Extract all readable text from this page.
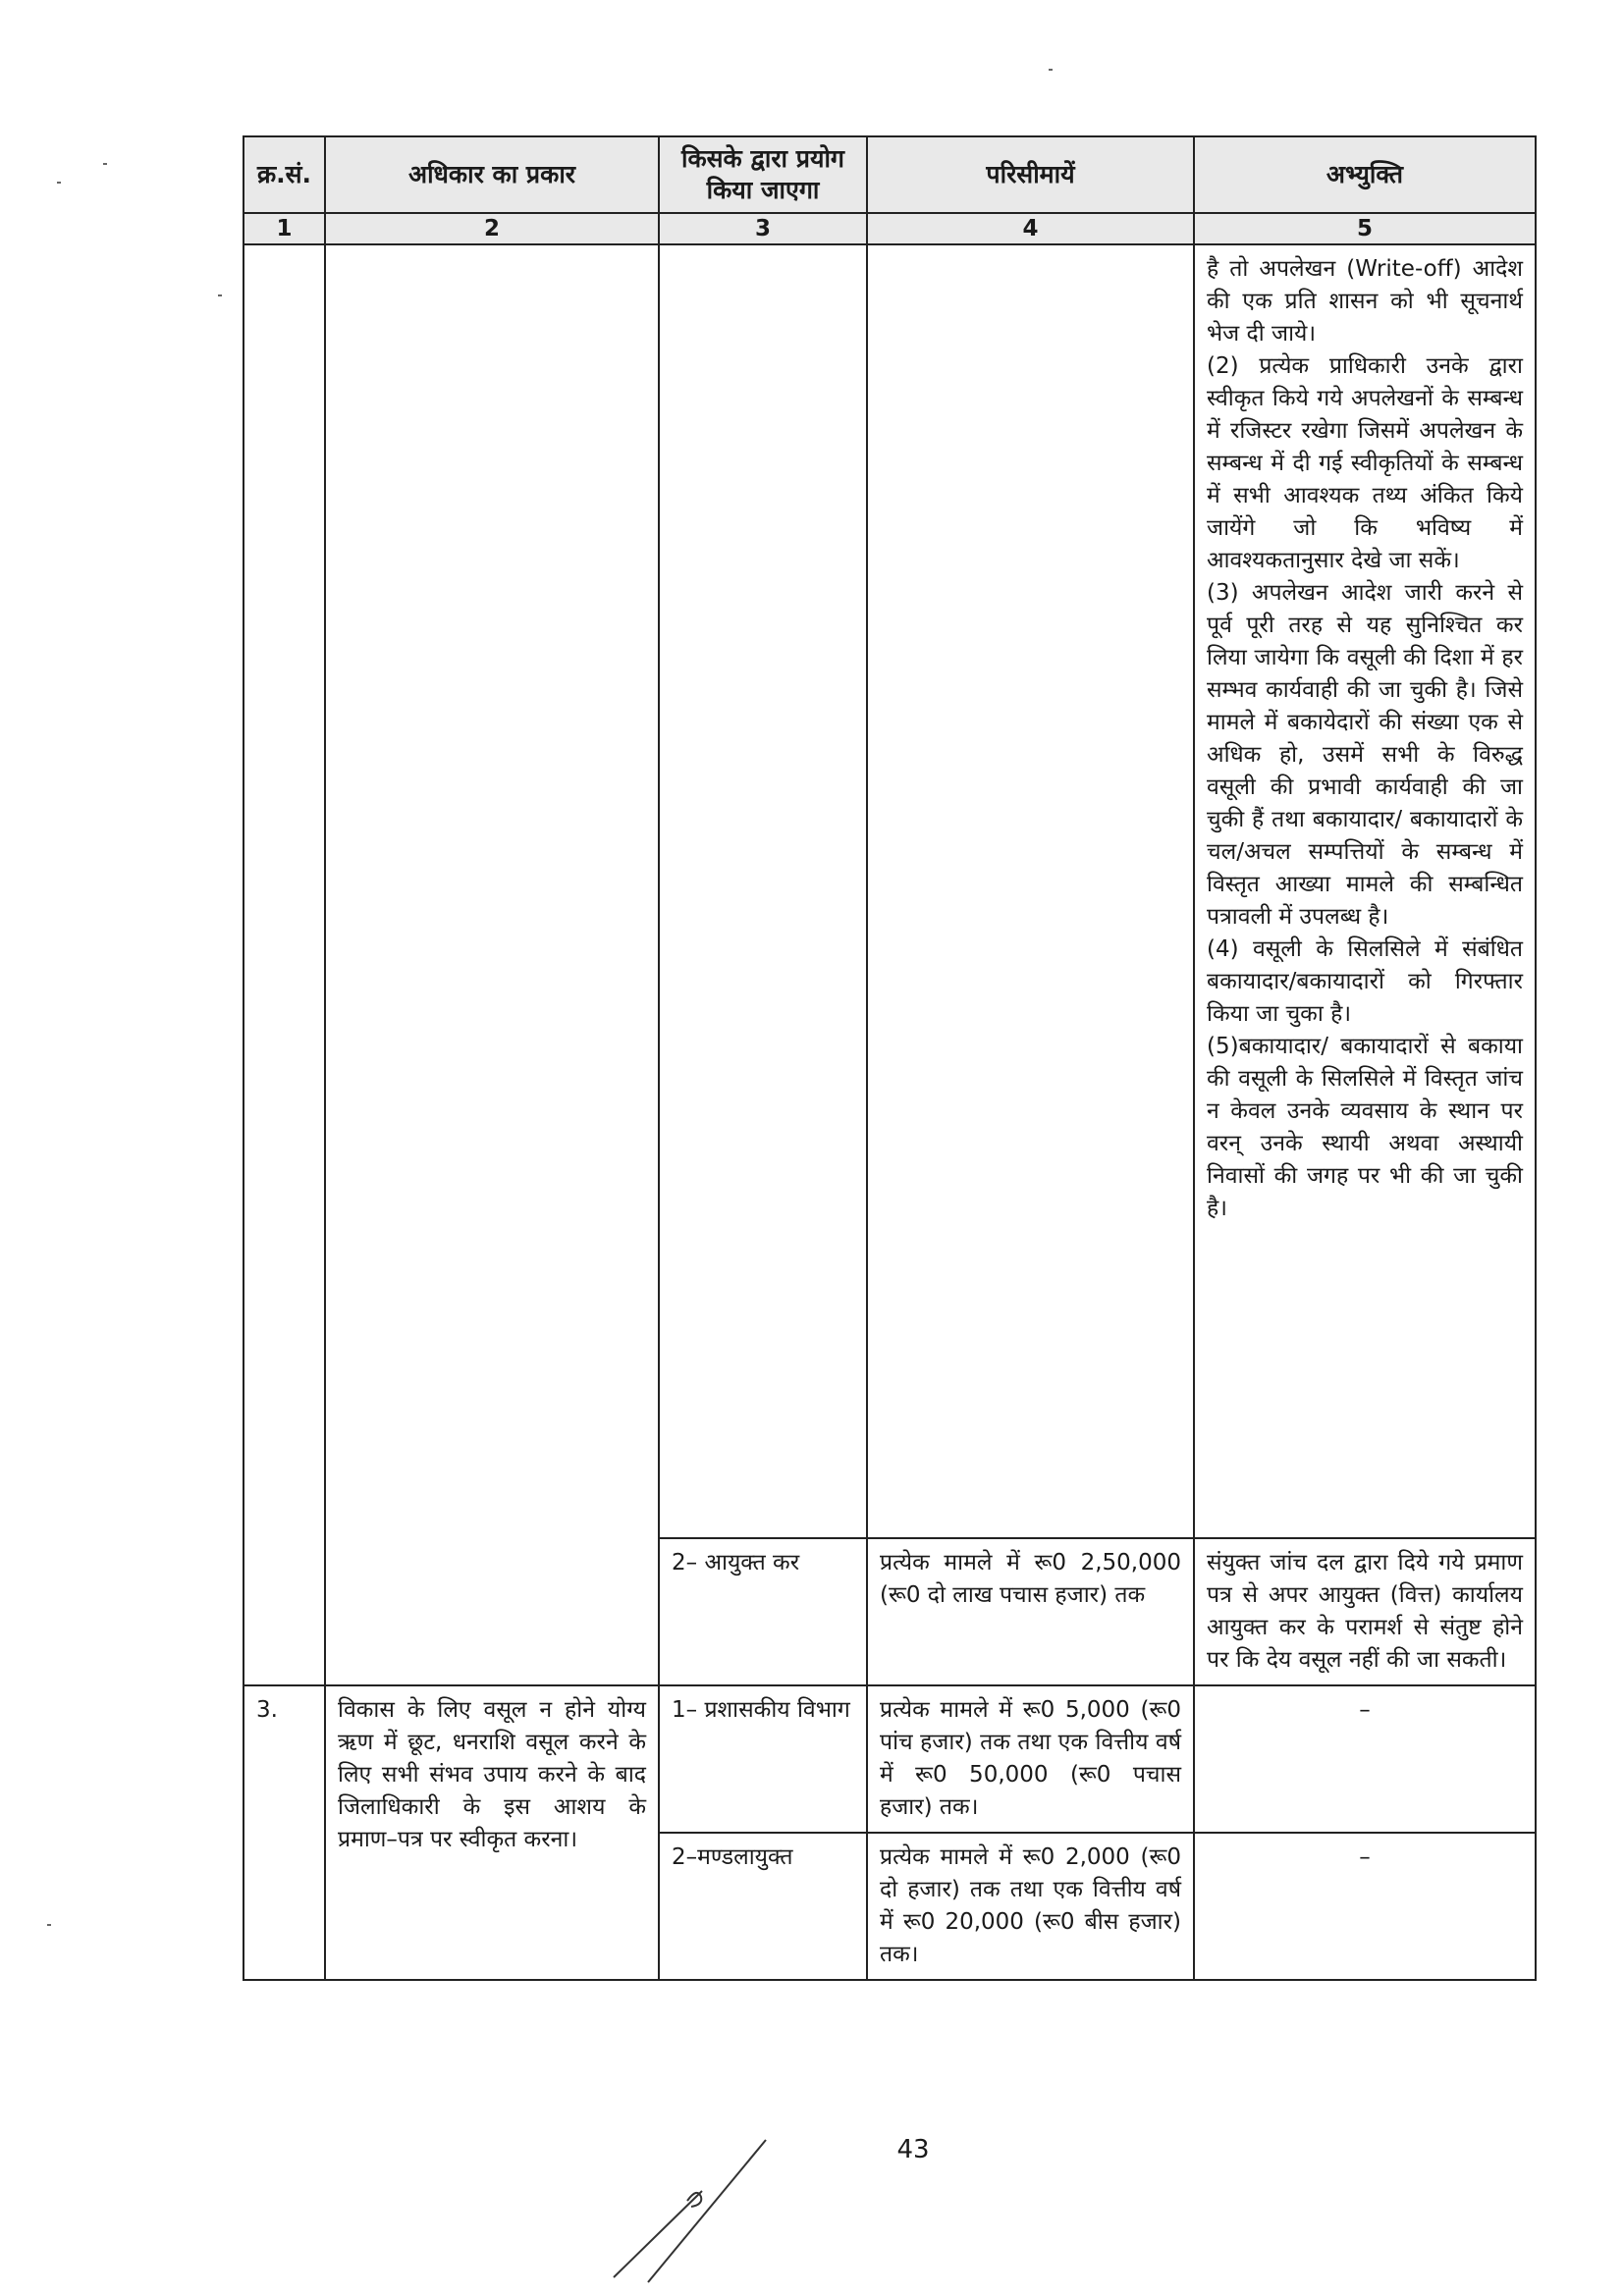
क्र.सं.	अधिकार का प्रकार	किसके द्वारा प्रयोग किया जाएगा	परिसीमायें	अभ्युक्ति
1	2	3	4	5

				है तो अपलेखन (Write-off) आदेश की एक प्रति शासन को भी सूचनार्थ भेज दी जाये।

(2) प्रत्येक प्राधिकारी उनके द्वारा स्वीकृत किये गये अपलेखनों के सम्बन्ध में रजिस्टर रखेगा जिसमें अपलेखन के सम्बन्ध में दी गई स्वीकृतियों के सम्बन्ध में सभी आवश्यक तथ्य अंकित किये जायेंगे जो कि भविष्य में आवश्यकतानुसार देखे जा सकें।

(3) अपलेखन आदेश जारी करने से पूर्व पूरी तरह से यह सुनिश्चित कर लिया जायेगा कि वसूली की दिशा में हर सम्भव कार्यवाही की जा चुकी है। जिसे मामले में बकायेदारों की संख्या एक से अधिक हो, उसमें सभी के विरुद्ध वसूली की प्रभावी कार्यवाही की जा चुकी हैं तथा बकायादार/ बकायादारों के चल/अचल सम्पत्तियों के सम्बन्ध में विस्तृत आख्या मामले की सम्बन्धित पत्रावली में उपलब्ध है।

(4) वसूली के सिलसिले में संबंधित बकायादार/बकायादारों को गिरफ्तार किया जा चुका है।

(5)बकायादार/ बकायादारों से बकाया की वसूली के सिलसिले में विस्तृत जांच न केवल उनके व्यवसाय के स्थान पर वरन् उनके स्थायी अथवा अस्थायी निवासों की जगह पर भी की जा चुकी है।

		2– आयुक्त कर	प्रत्येक मामले में रू0 2,50,000 (रू0 दो लाख पचास हजार) तक	संयुक्त जांच दल द्वारा दिये गये प्रमाण पत्र से अपर आयुक्त (वित्त) कार्यालय आयुक्त कर के परामर्श से संतुष्ट होने पर कि देय वसूल नहीं की जा सकती।
3.	विकास के लिए वसूल न होने योग्य ऋण में छूट, धनराशि वसूल करने के लिए सभी संभव उपाय करने के बाद जिलाधिकारी के इस आशय के प्रमाण–पत्र पर स्वीकृत करना।	1– प्रशासकीय विभाग	प्रत्येक मामले में रू0 5,000 (रू0 पांच हजार) तक तथा एक वित्तीय वर्ष में रू0 50,000 (रू0 पचास हजार) तक।	–
		2–मण्डलायुक्त	प्रत्येक मामले में रू0 2,000 (रू0 दो हजार) तक तथा एक वित्तीय वर्ष में रू0 20,000 (रू0 बीस हजार) तक।	–
43
